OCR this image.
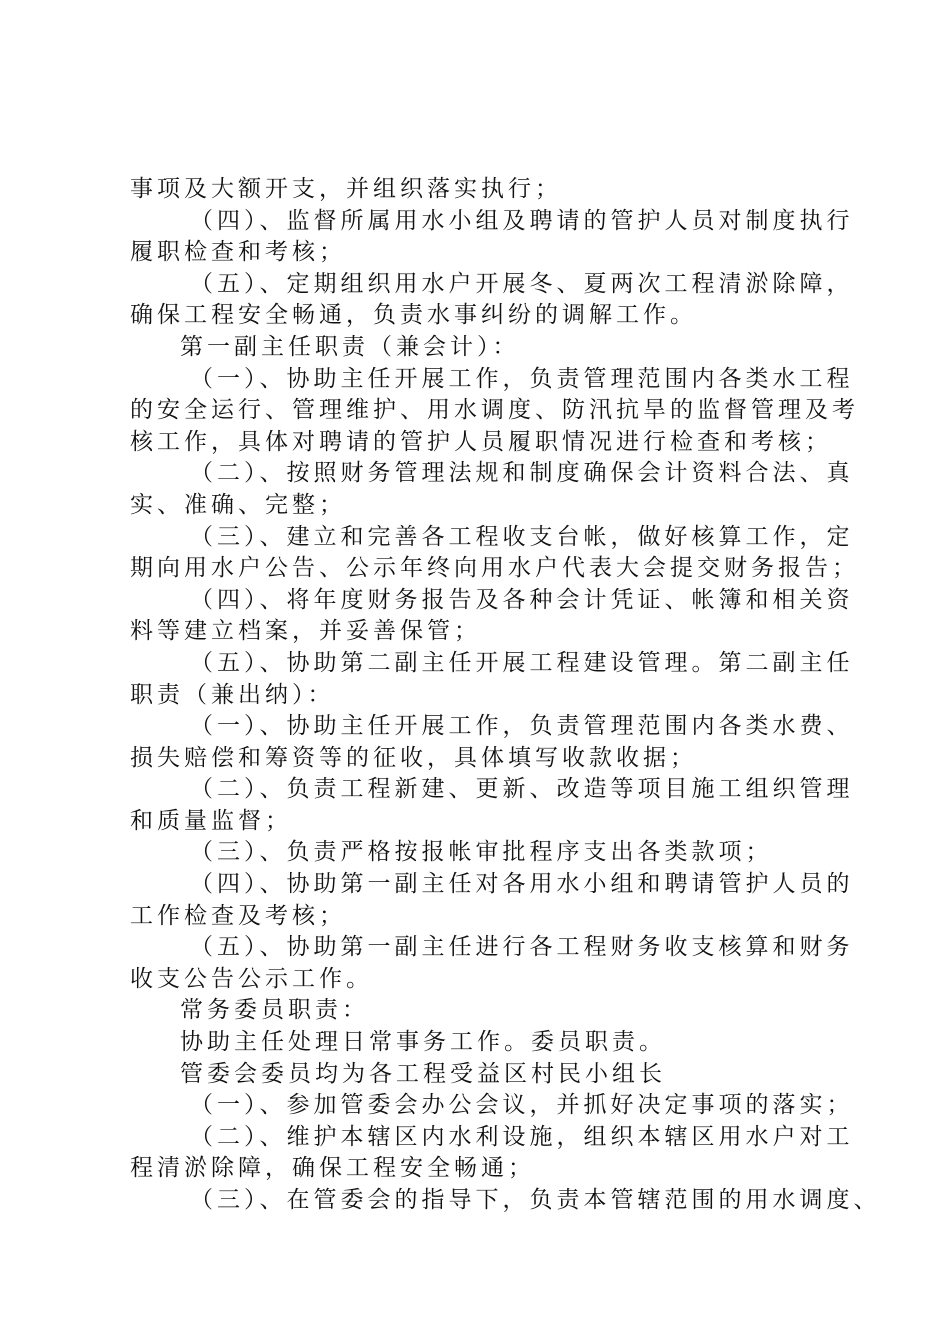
事项及大额开支，并组织落实执行；
（四）、监督所属用水小组及聘请的管护人员对制度执行
履职检查和考核；
（五）、定期组织用水户开展冬、夏两次工程清淤除障，
确保工程安全畅通，负责水事纠纷的调解工作。
第一副主任职责（兼会计）：
（一）、协助主任开展工作，负责管理范围内各类水工程
的安全运行、管理维护、用水调度、防汛抗旱的监督管理及考
核工作，具体对聘请的管护人员履职情况进行检查和考核；
（二）、按照财务管理法规和制度确保会计资料合法、真
实、准确、完整；
（三）、建立和完善各工程收支台帐，做好核算工作，定
期向用水户公告、公示年终向用水户代表大会提交财务报告；
（四）、将年度财务报告及各种会计凭证、帐簿和相关资
料等建立档案，并妥善保管；
（五）、协助第二副主任开展工程建设管理。第二副主任
职责（兼出纳）：
（一）、协助主任开展工作，负责管理范围内各类水费、
损失赔偿和筹资等的征收，具体填写收款收据；
（二）、负责工程新建、更新、改造等项目施工组织管理
和质量监督；
（三）、负责严格按报帐审批程序支出各类款项；
（四）、协助第一副主任对各用水小组和聘请管护人员的
工作检查及考核；
（五）、协助第一副主任进行各工程财务收支核算和财务
收支公告公示工作。
常务委员职责：
协助主任处理日常事务工作。委员职责。
管委会委员均为各工程受益区村民小组长
（一）、参加管委会办公会议，并抓好决定事项的落实；
（二）、维护本辖区内水利设施，组织本辖区用水户对工
程清淤除障，确保工程安全畅通；
（三）、在管委会的指导下，负责本管辖范围的用水调度、
